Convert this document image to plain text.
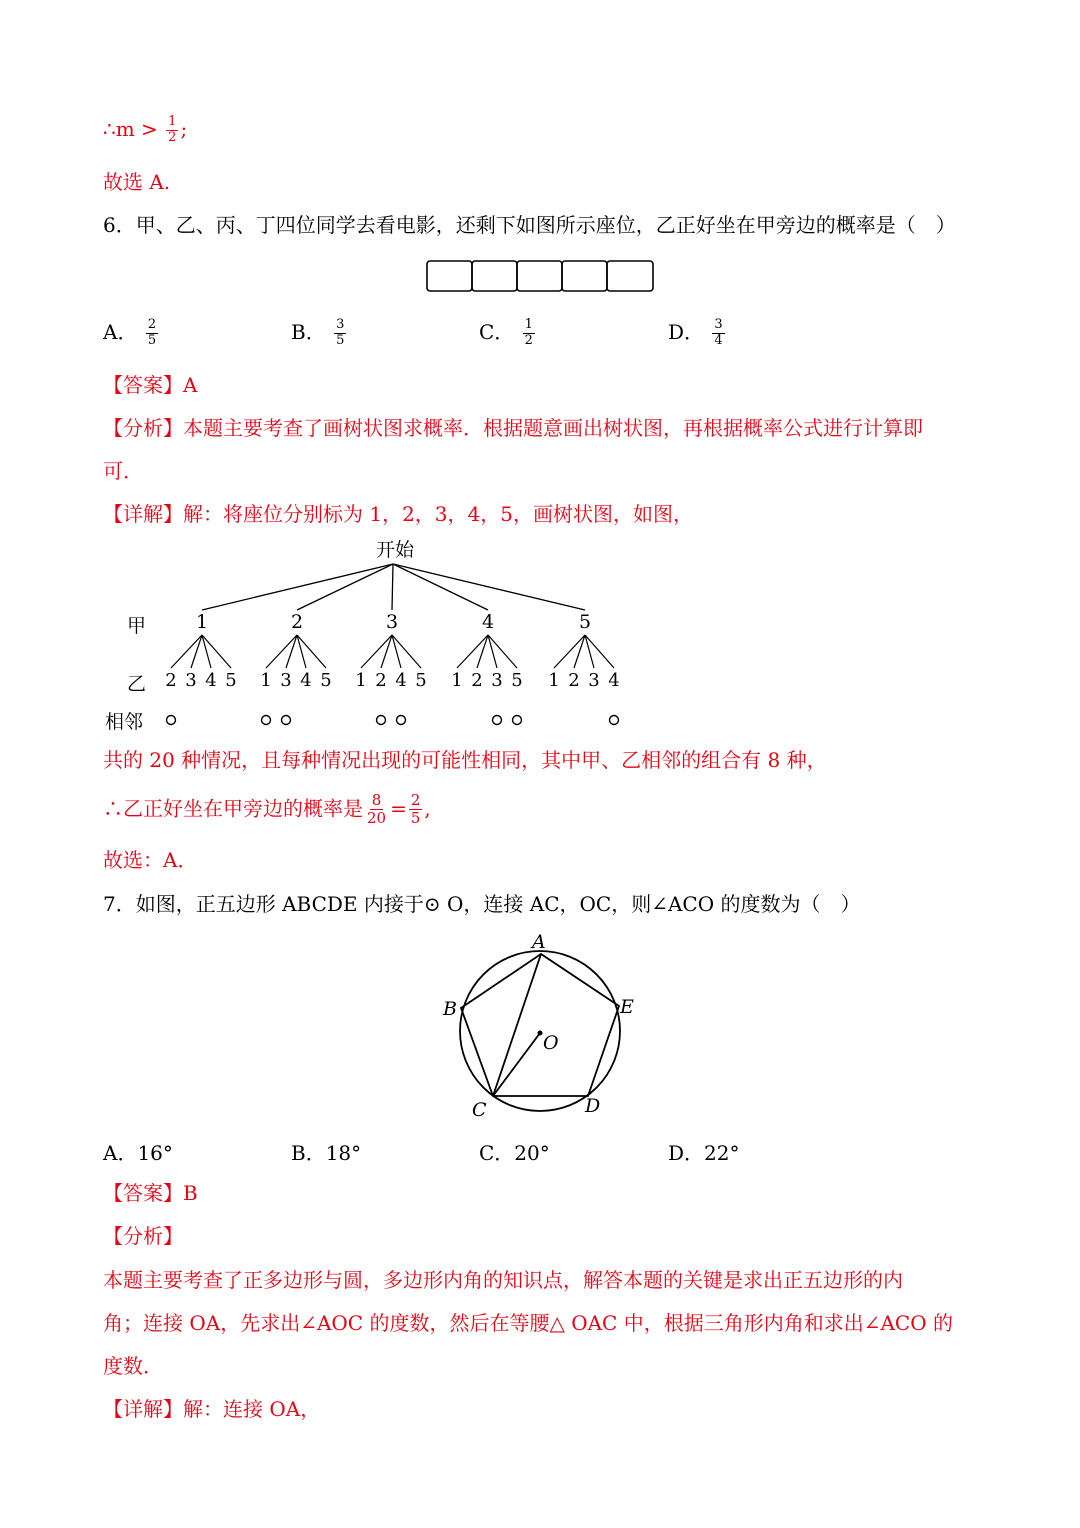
∴m > $\frac{1}{2}$ ;
故选 A.
6．甲、乙、丙、丁四位同学去看电影，还剩下如图所示座位，乙正好坐在甲旁边的概率是（　）
A． $\frac{2}{5}$	B． $\frac{3}{5}$	C． $\frac{1}{2}$	D． $\frac{3}{4}$
【答案】A
【分析】本题主要考查了画树状图求概率．根据题意画出树状图，再根据概率公式进行计算即
可．
【详解】解：将座位分别标为 1，2，3，4，5，画树状图，如图，
开始
甲
乙
相邻
1	2	3	4	5
2 3 4 5 1 3 4 5 1 2 4 5 1 2 3 5 1 2 3 4
共的 20 种情况，且每种情况出现的可能性相同，其中甲、乙相邻的组合有 8 种，
∴乙正好坐在甲旁边的概率是 $\frac{8}{20} = \frac{2}{5}$ ,
故选：A．
7．如图，正五边形 ABCDE 内接于⊙ O，连接 AC，OC，则∠ACO 的度数为（　）
A
B
C	D
E
O
A．16°	B．18°	C．20°	D．22°
【答案】B
【分析】
本题主要考查了正多边形与圆，多边形内角的知识点，解答本题的关键是求出正五边形的内
角；连接 OA，先求出∠AOC 的度数，然后在等腰△ OAC 中，根据三角形内角和求出∠ACO 的
度数．
【详解】解：连接 OA，
